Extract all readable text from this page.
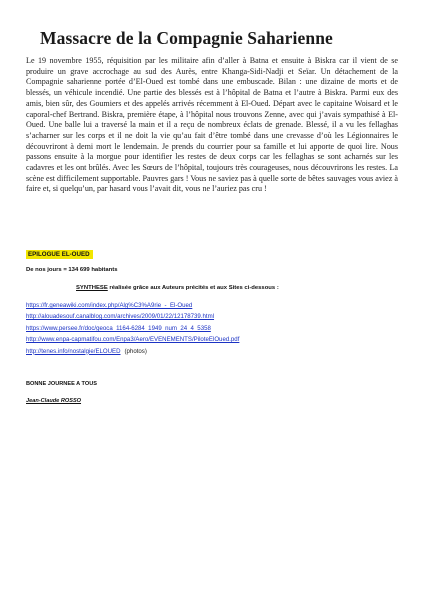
Massacre de la Compagnie Saharienne

Le 19 novembre 1955, réquisition par les militaire afin d’aller à Batna et ensuite à Biskra car il vient de se produire un grave accrochage au sud des Aurès, entre Khanga-Sidi-Nadji et Seïar. Un détachement de la Compagnie saharienne portée d’El-Oued est tombé dans une embuscade. Bilan : une dizaine de morts et de blessés, un véhicule incendié. Une partie des blessés est à l’hôpital de Batna et l’autre à Biskra. Parmi eux des amis, bien sûr, des Goumiers et des appelés arrivés récemment à El-Oued. Départ avec le capitaine Woisard et le caporal-chef Bertrand. Biskra, première étape, à l’hôpital nous trouvons Zenne, avec qui j’avais sympathisé à El-Oued. Une balle lui a traversé la main et il a reçu de nombreux éclats de grenade. Blessé, il a vu les fellaghas s’acharner sur les corps et il ne doit la vie qu’au fait d’être tombé dans une crevasse d’où les Légionnaires le découvriront à demi mort le lendemain. Je prends du courrier pour sa famille et lui apporte de quoi lire. Nous passons ensuite à la morgue pour identifier les restes de deux corps car les fellaghas se sont acharnés sur les cadavres et les ont brûlés. Avec les Sœurs de l’hôpital, toujours très courageuses, nous découvrirons les restes. La scène est difficilement supportable. Pauvres gars ! Vous ne saviez pas à quelle sorte de bêtes sauvages vous aviez à faire et, si quelqu’un, par hasard vous l’avait dit, vous ne l’auriez pas cru !

EPILOGUE EL-OUED
De nos jours = 134 699 habitants
SYNTHESE réalisée grâce aux Auteurs précités et aux Sites ci-dessous :
https://fr.geneawiki.com/index.php/Alg%C3%A9rie_-_El-Oued
http://alouadesouf.canalblog.com/archives/2009/01/22/12178739.html
https://www.persee.fr/doc/geoca_1164-6284_1949_num_24_4_5358
http://www.enpa-capmatifou.com/Enpa3/Aero/EVENEMENTS/PiloteElOued.pdf
http://tenes.info/nostalgie/ELOUED (photos)
BONNE JOURNEE A TOUS
Jean-Claude ROSSO
